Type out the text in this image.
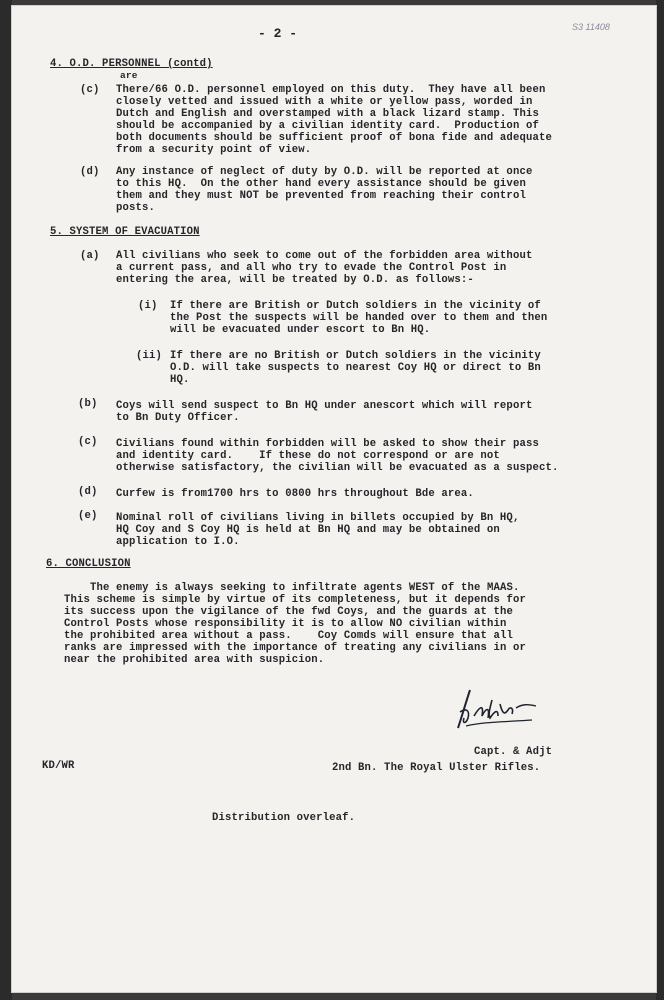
- 2 -	S3 11408
4. O.D. PERSONNEL (contd)
are
(c) There/66 O.D. personnel employed on this duty.  They have all been
closely vetted and issued with a white or yellow pass, worded in
Dutch and English and overstamped with a black lizard stamp. This
should be accompanied by a civilian identity card.  Production of
both documents should be sufficient proof of bona fide and adequate
from a security point of view.
(d) Any instance of neglect of duty by O.D. will be reported at once
to this HQ.  On the other hand every assistance should be given
them and they must NOT be prevented from reaching their control
posts.
5. SYSTEM OF EVACUATION
(a) All civilians who seek to come out of the forbidden area without
a current pass, and all who try to evade the Control Post in
entering the area, will be treated by O.D. as follows:-
(i) If there are British or Dutch soldiers in the vicinity of
the Post the suspects will be handed over to them and then
will be evacuated under escort to Bn HQ.
(ii) If there are no British or Dutch soldiers in the vicinity
O.D. will take suspects to nearest Coy HQ or direct to Bn
HQ.
(b) Coys will send suspect to Bn HQ under anescort which will report
to Bn Duty Officer.
(c) Civilians found within forbidden will be asked to show their pass
and identity card.    If these do not correspond or are not
otherwise satisfactory, the civilian will be evacuated as a suspect.
(d) Curfew is from1700 hrs to 0800 hrs throughout Bde area.
(e) Nominal roll of civilians living in billets occupied by Bn HQ,
HQ Coy and S Coy HQ is held at Bn HQ and may be obtained on
application to I.O.
6. CONCLUSION
The enemy is always seeking to infiltrate agents WEST of the MAAS.
This scheme is simple by virtue of its completeness, but it depends for
its success upon the vigilance of the fwd Coys, and the guards at the
Control Posts whose responsibility it is to allow NO civilian within
the prohibited area without a pass.    Coy Comds will ensure that all
ranks are impressed with the importance of treating any civilians in or
near the prohibited area with suspicion.
Capt. & Adjt
KD/WR	2nd Bn. The Royal Ulster Rifles.
Distribution overleaf.
